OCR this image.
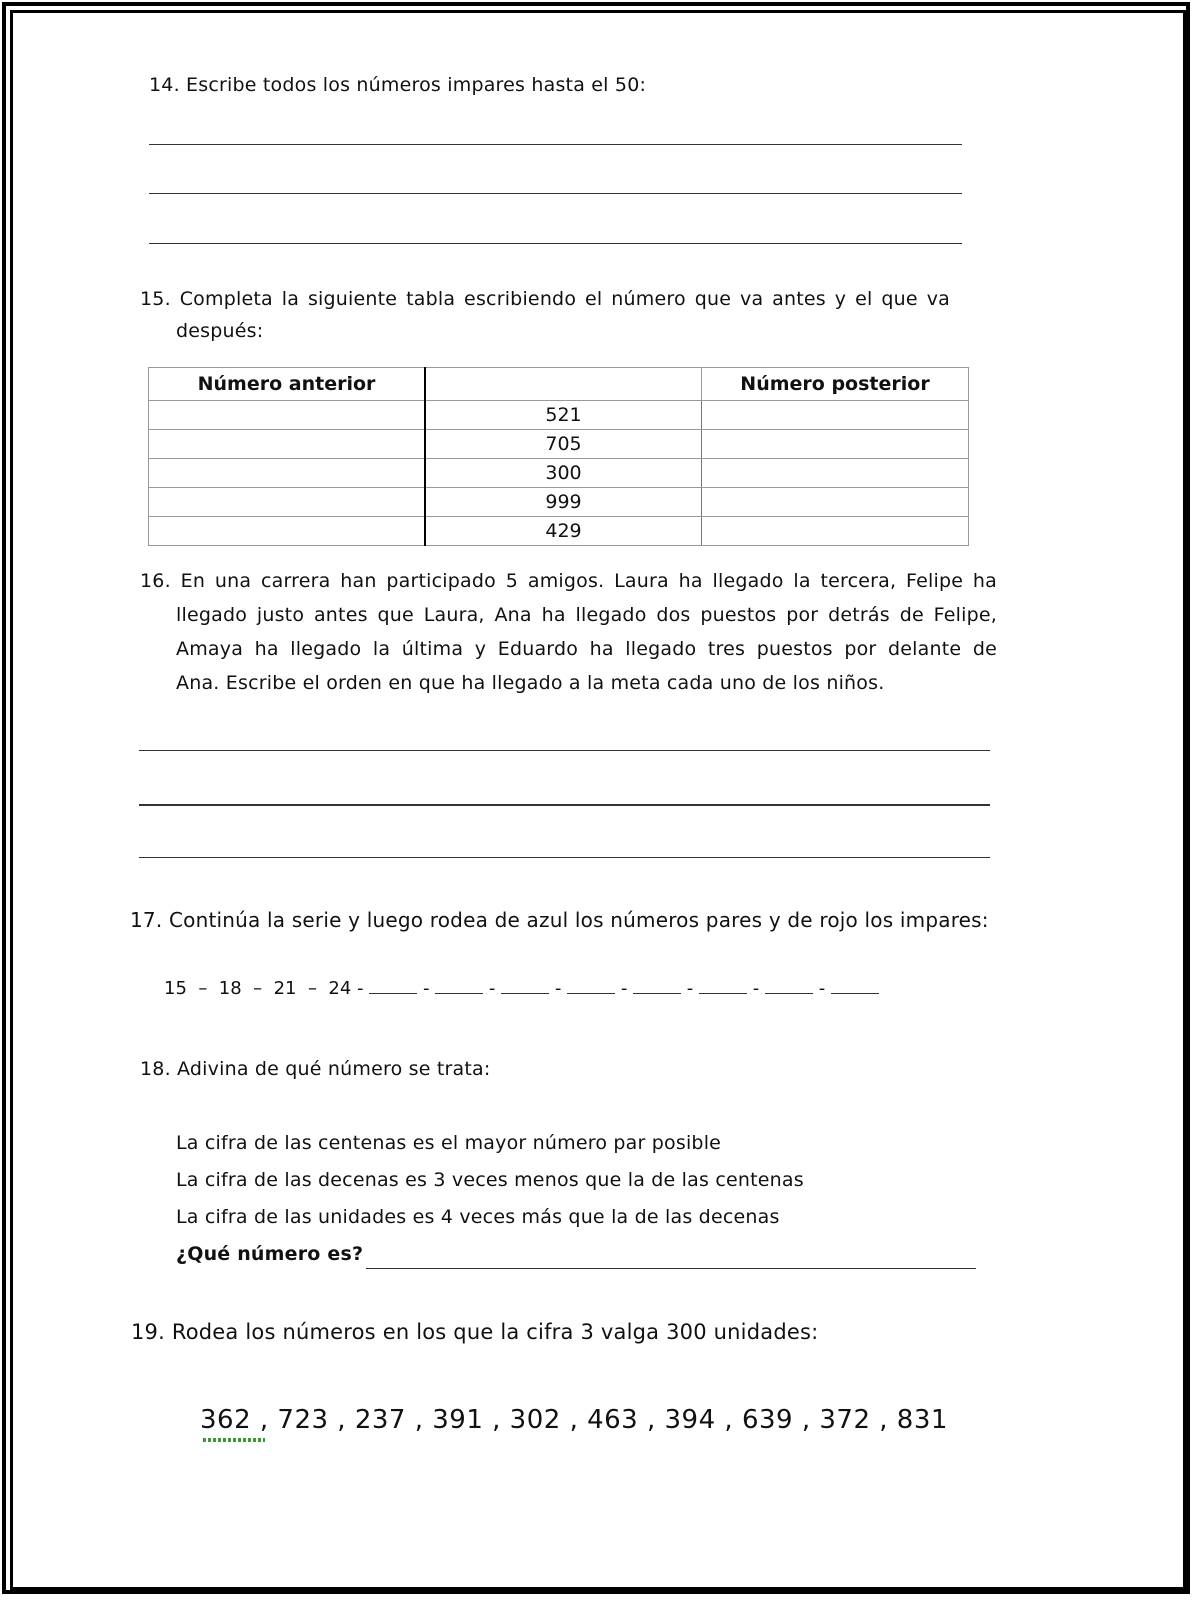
14. Escribe todos los números impares hasta el 50:
15. Completa la siguiente tabla escribiendo el número que va antes y el que va
después:
Número anterior		Número posterior
	521	
	705	
	300	
	999	
	429	
16. En una carrera han participado 5 amigos. Laura ha llegado la tercera, Felipe ha
llegado justo antes que Laura, Ana ha llegado dos puestos por detrás de Felipe,
Amaya ha llegado la última y Eduardo ha llegado tres puestos por delante de
Ana. Escribe el orden en que ha llegado a la meta cada uno de los niños.
17. Continúa la serie y luego rodea de azul los números pares y de rojo los impares:
15  –  18  –  21  –  24 -	-	-	-	-	-	-	-
18. Adivina de qué número se trata:
La cifra de las centenas es el mayor número par posible
La cifra de las decenas es 3 veces menos que la de las centenas
La cifra de las unidades es 4 veces más que la de las decenas
¿Qué número es?
19. Rodea los números en los que la cifra 3 valga 300 unidades:
362 , 723 , 237 , 391 , 302 , 463 , 394 , 639 , 372 , 831
